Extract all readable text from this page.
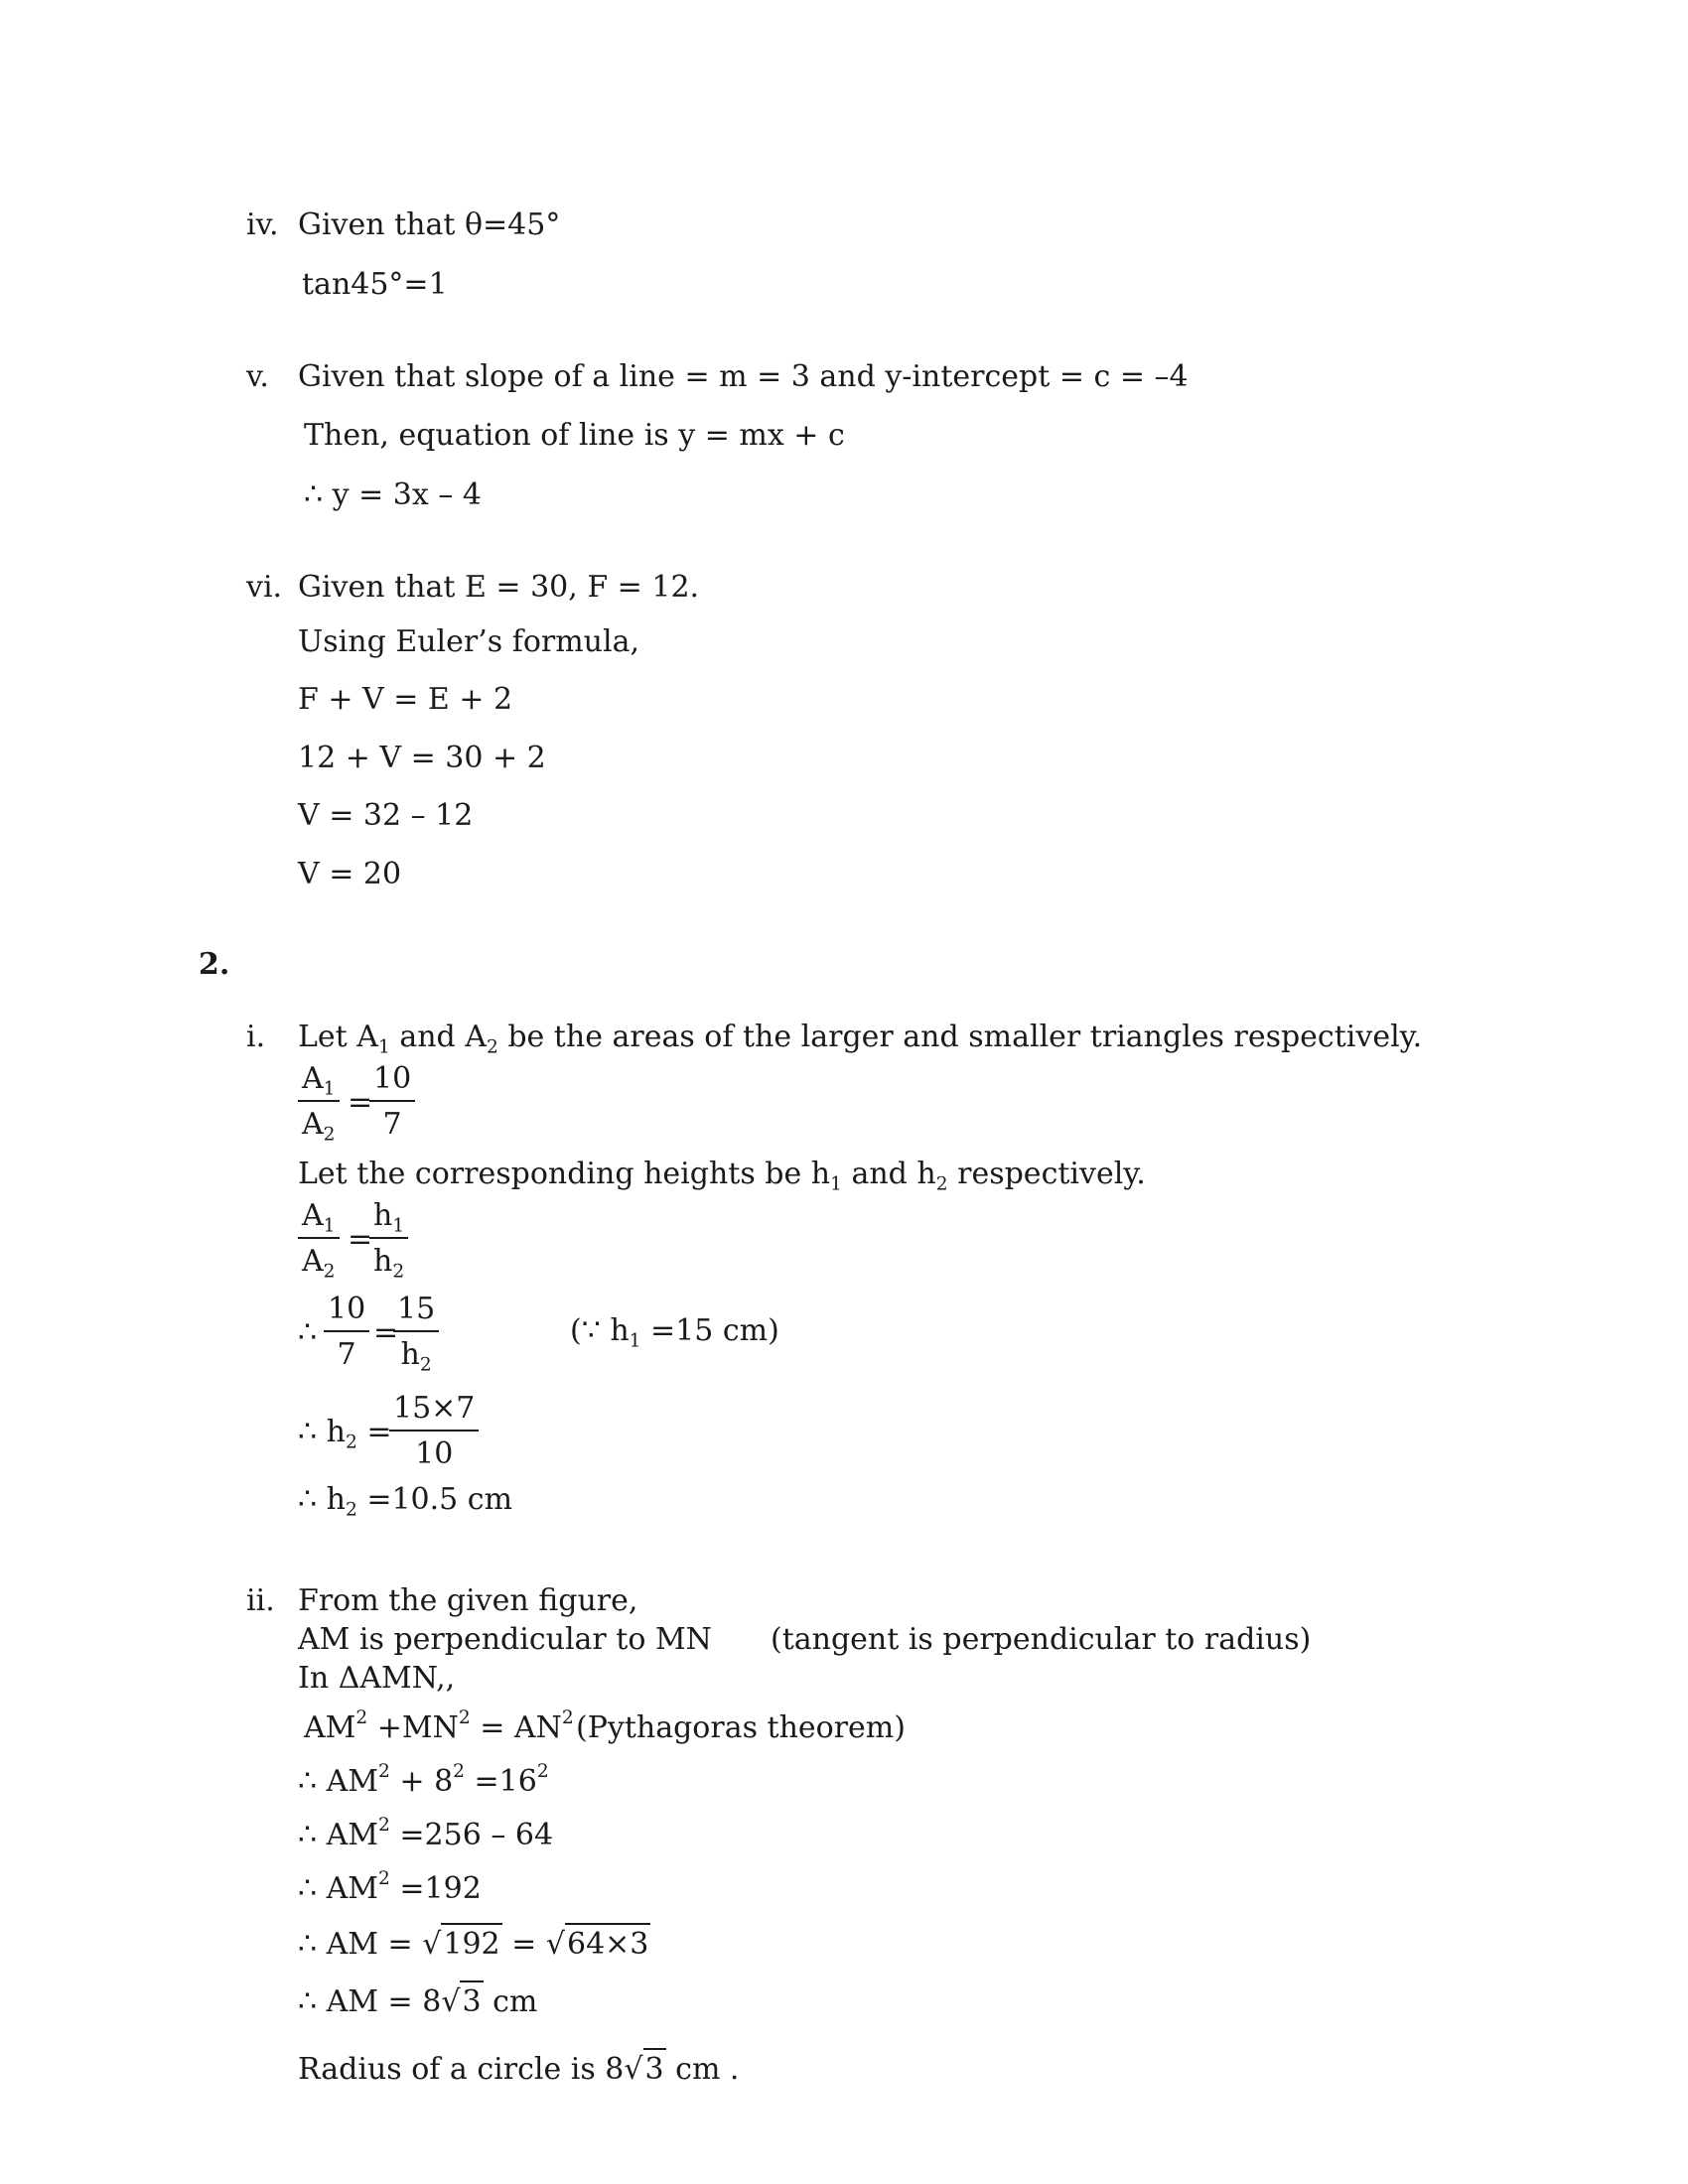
iv. Given that θ=45°
tan45°=1
v. Given that slope of a line = m = 3 and y-intercept = c = –4
Then, equation of line is y = mx + c
∴ y = 3x – 4
vi. Given that E = 30, F = 12.
Using Euler’s formula,
F + V = E + 2
12 + V = 30 + 2
V = 32 – 12
V = 20
2.
i. Let $A_1$ and $A_2$ be the areas of the larger and smaller triangles respectively.
$\frac{A_1}{A_2}$ =
$\frac{10}{7}$
Let the corresponding heights be $h_1$ and $h_2$ respectively.
$\frac{A_1}{A_2}$ =
$\frac{h_1}{h_2}$
∴ $\frac{10}{7}$ =
$\frac{15}{h_2}$	(∵ $h_1 =15$ cm)
∴ $h_2$ =
$\frac{15\times 7}{10}$
∴ $h_2 =10.5$ cm
ii. From the given figure,
AM is perpendicular to MN (tangent is perpendicular to radius)
In ΔAMN,,
$AM^2 +MN^2 = AN^2$ (Pythagoras theorem)
∴ $AM^2 + 8^2 =16^2$
∴ $AM^2 =256 - 64$
∴ $AM^2 =192$
∴ AM = √192 = √64×3
∴ AM = 8√3 cm
Radius of a circle is 8√3 cm .
